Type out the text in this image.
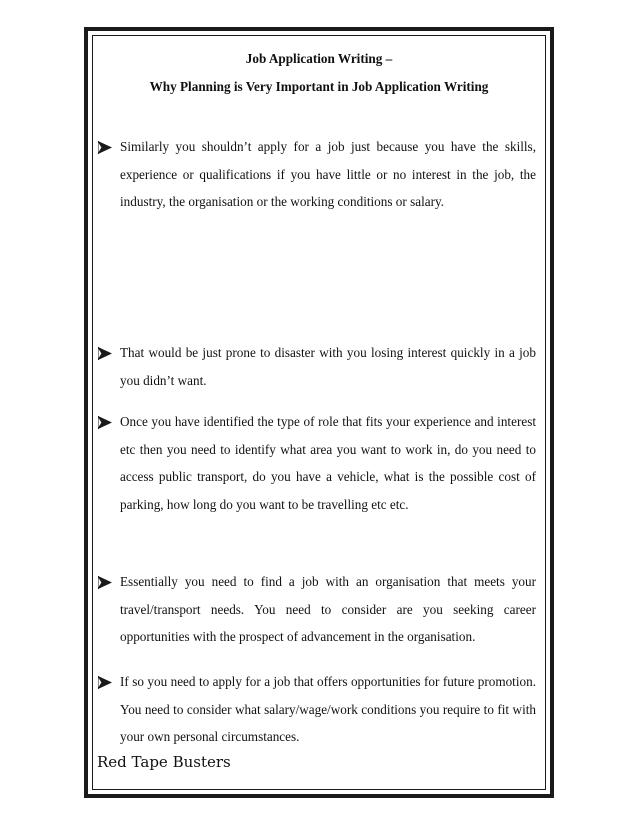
Job Application Writing –
Why Planning is Very Important in Job Application Writing

Similarly you shouldn’t apply for a job just because you have the skills, experience or qualifications if you have little or no interest in the job, the industry, the organisation or the working conditions or salary.

That would be just prone to disaster with you losing interest quickly in a job you didn’t want.

Once you have identified the type of role that fits your experience and interest etc then you need to identify what area you want to work in, do you need to access public transport, do you have a vehicle, what is the possible cost of parking, how long do you want to be travelling etc etc.

Essentially you need to find a job with an organisation that meets your travel/transport needs. You need to consider are you seeking career opportunities with the prospect of advancement in the organisation.

If so you need to apply for a job that offers opportunities for future promotion. You need to consider what salary/wage/work conditions you require to fit with your own personal circumstances.

Red Tape Busters
